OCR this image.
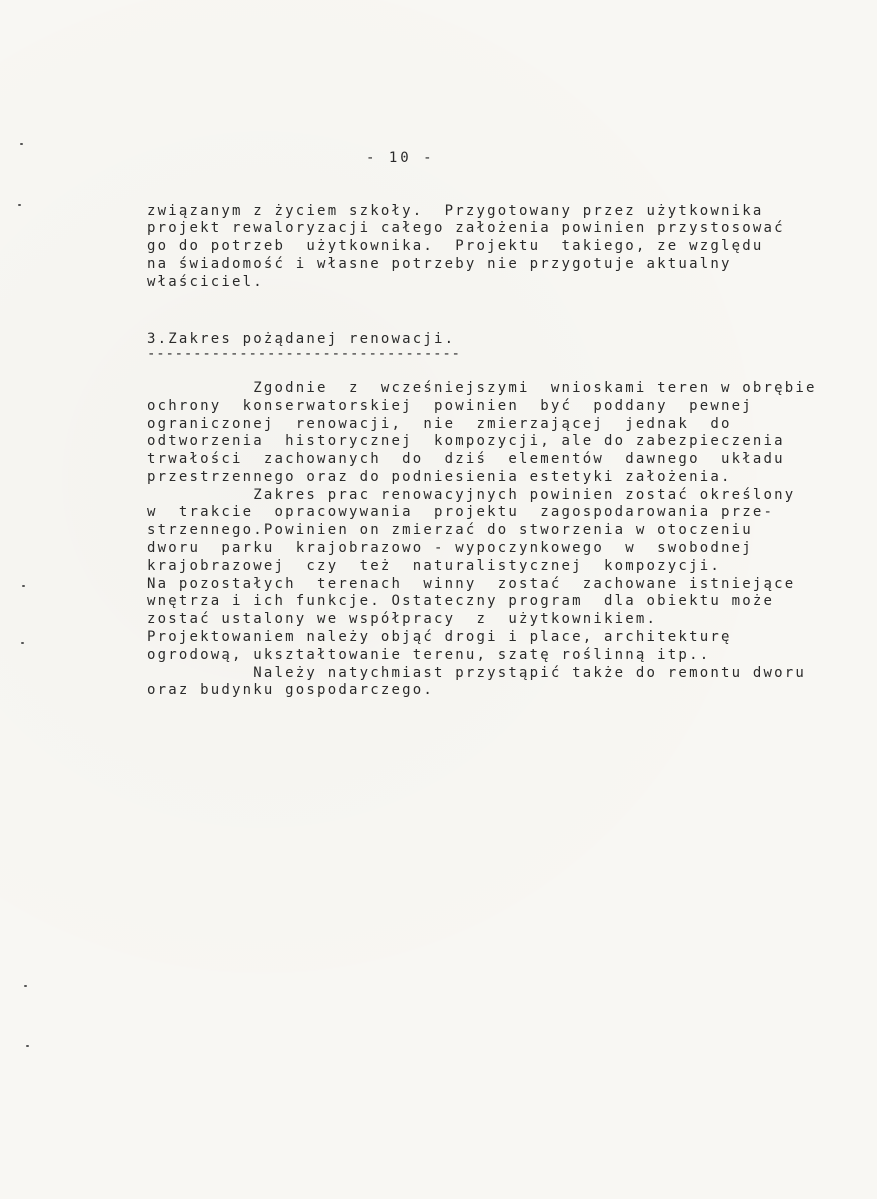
- 10 -
związanym z życiem szkoły.  Przygotowany przez użytkownika
projekt rewaloryzacji całego założenia powinien przystosować
go do potrzeb  użytkownika.  Projektu  takiego, ze względu
na świadomość i własne potrzeby nie przygotuje aktualny
właściciel.
3.Zakres pożądanej renowacji.
----------------------------------
Zgodnie  z  wcześniejszymi  wnioskami teren w obrębie
ochrony  konserwatorskiej  powinien  być  poddany  pewnej
ograniczonej  renowacji,  nie  zmierzającej  jednak  do
odtworzenia  historycznej  kompozycji, ale do zabezpieczenia
trwałości  zachowanych  do  dziś  elementów  dawnego  układu
przestrzennego oraz do podniesienia estetyki założenia.
Zakres prac renowacyjnych powinien zostać określony
w  trakcie  opracowywania  projektu  zagospodarowania prze-
strzennego.Powinien on zmierzać do stworzenia w otoczeniu
dworu  parku  krajobrazowo - wypoczynkowego  w  swobodnej
krajobrazowej  czy  też  naturalistycznej  kompozycji.
Na pozostałych  terenach  winny  zostać  zachowane istniejące
wnętrza i ich funkcje. Ostateczny program  dla obiektu może
zostać ustalony we współpracy  z  użytkownikiem.
Projektowaniem należy objąć drogi i place, architekturę
ogrodową, ukształtowanie terenu, szatę roślinną itp..
Należy natychmiast przystąpić także do remontu dworu
oraz budynku gospodarczego.
